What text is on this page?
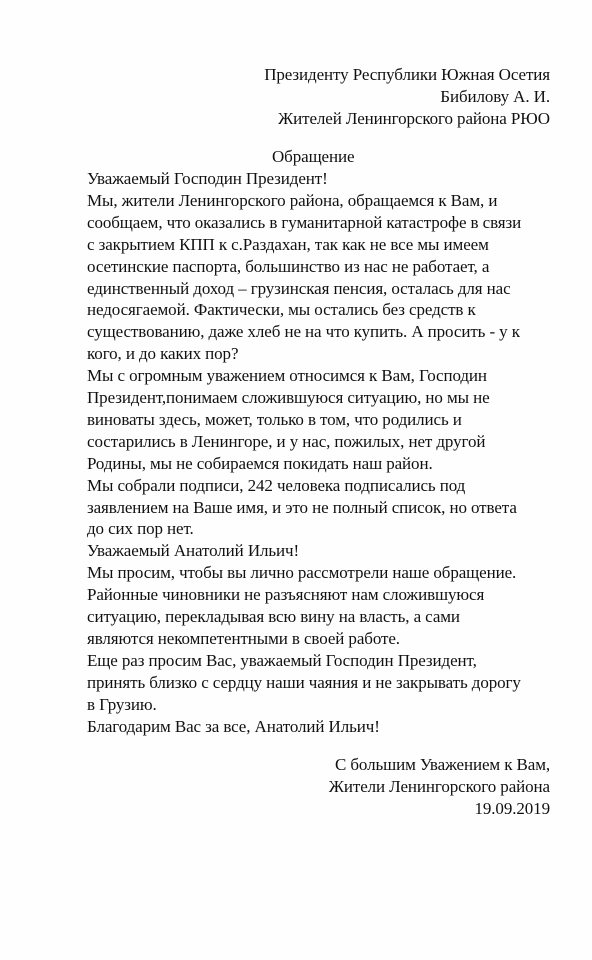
Президенту Республики Южная Осетия
Бибилову А. И.
Жителей Ленингорского района РЮО
Обращение
Уважаемый Господин Президент!
Мы, жители Ленингорского района, обращаемся к Вам, и
сообщаем, что оказались в гуманитарной катастрофе в связи
с закрытием КПП к с.Раздахан, так как не все мы имеем
осетинские паспорта, большинство из нас не работает, а
единственный доход – грузинская пенсия, осталась для нас
недосягаемой. Фактически, мы остались без средств к
существованию, даже хлеб не на что купить. А просить - у к
кого, и до каких пор?
Мы с огромным уважением относимся к Вам, Господин
Президент,понимаем сложившуюся ситуацию, но мы не
виноваты здесь, может, только в том, что родились и
состарились в Ленингоре, и у нас, пожилых, нет другой
Родины, мы не собираемся покидать наш район.
Мы собрали подписи, 242 человека подписались под
заявлением на Ваше имя, и это не полный список, но ответа
до сих пор нет.
Уважаемый Анатолий Ильич!
Мы просим, чтобы вы лично рассмотрели наше обращение.
Районные чиновники не разъясняют нам сложившуюся
ситуацию, перекладывая всю вину на власть, а сами
являются некомпетентными в своей работе.
Еще раз просим Вас, уважаемый Господин Президент,
принять близко с сердцу наши чаяния и не закрывать дорогу
в Грузию.
Благодарим Вас за все, Анатолий Ильич!
С большим Уважением к Вам,
Жители Ленингорского района
19.09.2019
